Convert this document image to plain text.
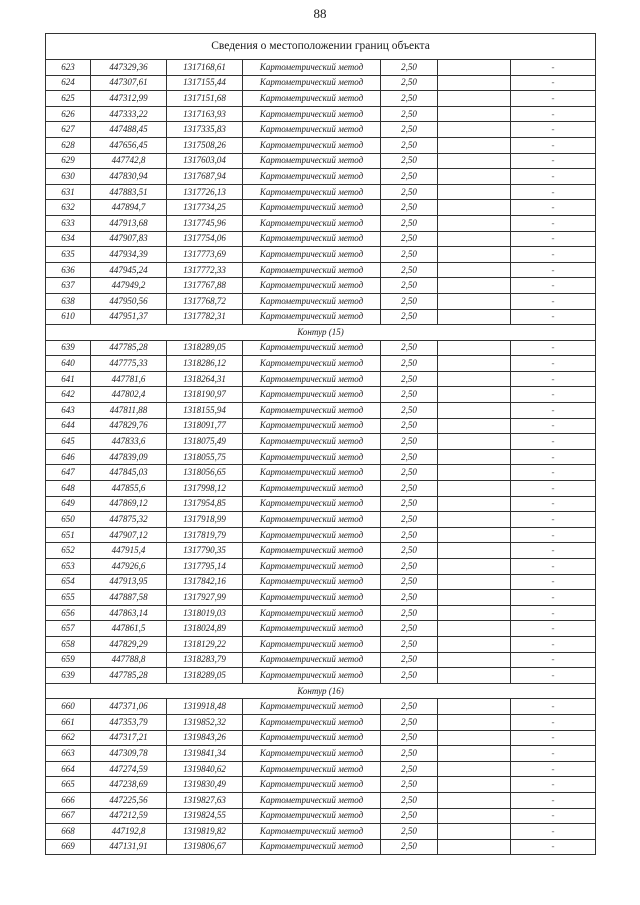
88
Сведения о местоположении границ объекта						
623	447329,36	1317168,61	Картометрический метод	2,50		-
624	447307,61	1317155,44	Картометрический метод	2,50		-
625	447312,99	1317151,68	Картометрический метод	2,50		-
626	447333,22	1317163,93	Картометрический метод	2,50		-
627	447488,45	1317335,83	Картометрический метод	2,50		-
628	447656,45	1317508,26	Картометрический метод	2,50		-
629	447742,8	1317603,04	Картометрический метод	2,50		-
630	447830,94	1317687,94	Картометрический метод	2,50		-
631	447883,51	1317726,13	Картометрический метод	2,50		-
632	447894,7	1317734,25	Картометрический метод	2,50		-
633	447913,68	1317745,96	Картометрический метод	2,50		-
634	447907,83	1317754,06	Картометрический метод	2,50		-
635	447934,39	1317773,69	Картометрический метод	2,50		-
636	447945,24	1317772,33	Картометрический метод	2,50		-
637	447949,2	1317767,88	Картометрический метод	2,50		-
638	447950,56	1317768,72	Картометрический метод	2,50		-
610	447951,37	1317782,31	Картометрический метод	2,50		-
Контур (15)						
639	447785,28	1318289,05	Картометрический метод	2,50		-
640	447775,33	1318286,12	Картометрический метод	2,50		-
641	447781,6	1318264,31	Картометрический метод	2,50		-
642	447802,4	1318190,97	Картометрический метод	2,50		-
643	447811,88	1318155,94	Картометрический метод	2,50		-
644	447829,76	1318091,77	Картометрический метод	2,50		-
645	447833,6	1318075,49	Картометрический метод	2,50		-
646	447839,09	1318055,75	Картометрический метод	2,50		-
647	447845,03	1318056,65	Картометрический метод	2,50		-
648	447855,6	1317998,12	Картометрический метод	2,50		-
649	447869,12	1317954,85	Картометрический метод	2,50		-
650	447875,32	1317918,99	Картометрический метод	2,50		-
651	447907,12	1317819,79	Картометрический метод	2,50		-
652	447915,4	1317790,35	Картометрический метод	2,50		-
653	447926,6	1317795,14	Картометрический метод	2,50		-
654	447913,95	1317842,16	Картометрический метод	2,50		-
655	447887,58	1317927,99	Картометрический метод	2,50		-
656	447863,14	1318019,03	Картометрический метод	2,50		-
657	447861,5	1318024,89	Картометрический метод	2,50		-
658	447829,29	1318129,22	Картометрический метод	2,50		-
659	447788,8	1318283,79	Картометрический метод	2,50		-
639	447785,28	1318289,05	Картометрический метод	2,50		-
Контур (16)						
660	447371,06	1319918,48	Картометрический метод	2,50		-
661	447353,79	1319852,32	Картометрический метод	2,50		-
662	447317,21	1319843,26	Картометрический метод	2,50		-
663	447309,78	1319841,34	Картометрический метод	2,50		-
664	447274,59	1319840,62	Картометрический метод	2,50		-
665	447238,69	1319830,49	Картометрический метод	2,50		-
666	447225,56	1319827,63	Картометрический метод	2,50		-
667	447212,59	1319824,55	Картометрический метод	2,50		-
668	447192,8	1319819,82	Картометрический метод	2,50		-
669	447131,91	1319806,67	Картометрический метод	2,50		-
